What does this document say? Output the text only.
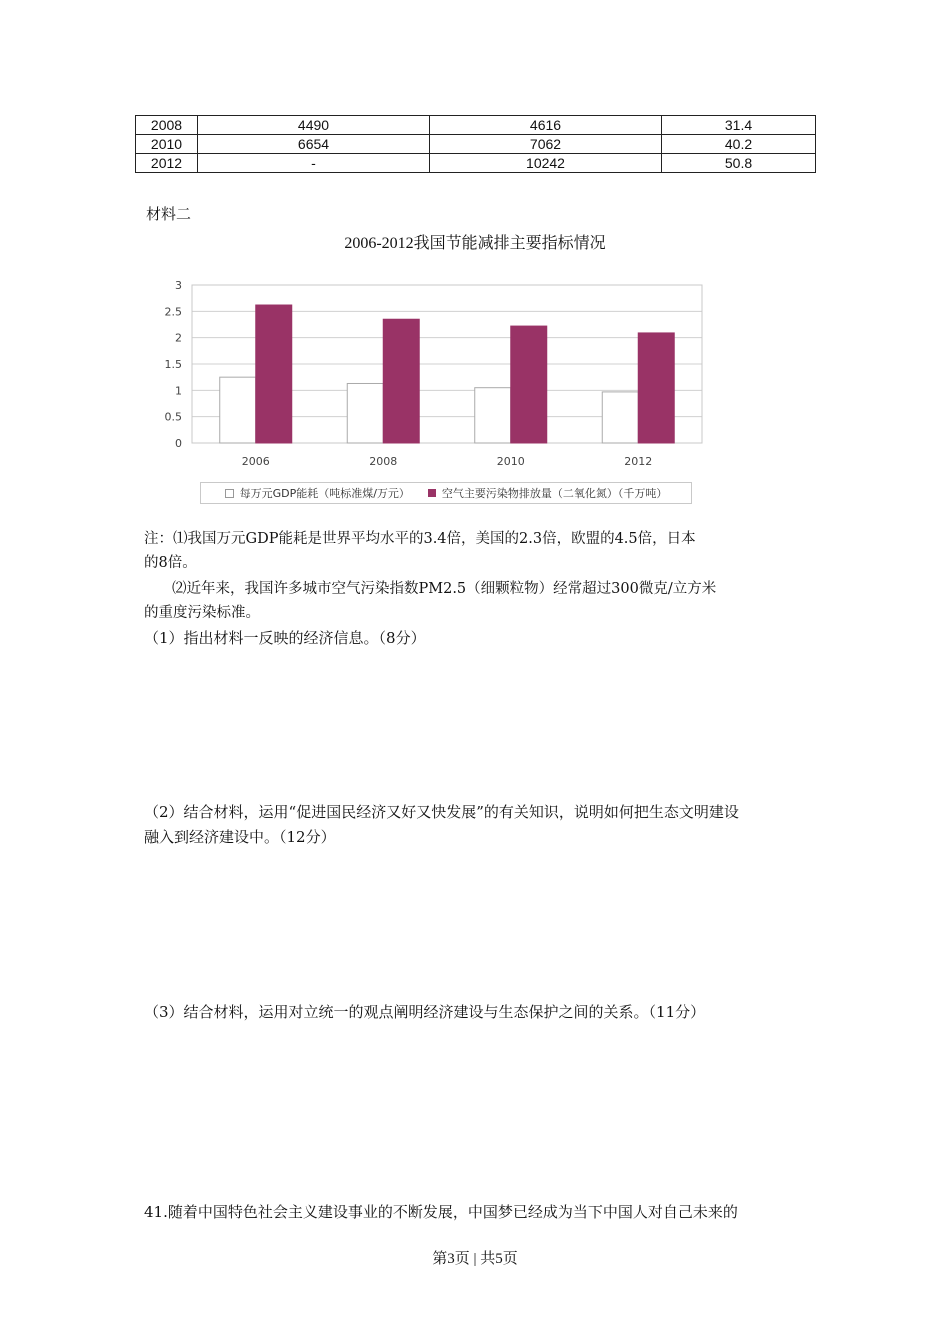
2008	4490	4616	31.4
2010	6654	7062	40.2
2012	-	10242	50.8
材料二
2006-2012我国节能减排主要指标情况
0
0.5
1
1.5
2
2.5
3
2006	2008	2010	2012
每万元GDP能耗（吨标准煤/万元）	空气主要污染物排放量（二氧化氮）（千万吨）
注：⑴我国万元GDP能耗是世界平均水平的3.4倍，美国的2.3倍，欧盟的4.5倍，日本
的8倍。
⑵近年来，我国许多城市空气污染指数PM2.5（细颗粒物）经常超过300微克/立方米
的重度污染标准。
（1）指出材料一反映的经济信息。（8分）
（2）结合材料，运用“促进国民经济又好又快发展”的有关知识，说明如何把生态文明建设
融入到经济建设中。（12分）
（3）结合材料，运用对立统一的观点阐明经济建设与生态保护之间的关系。（11分）
41.随着中国特色社会主义建设事业的不断发展，中国梦已经成为当下中国人对自己未来的
第3页 | 共5页
